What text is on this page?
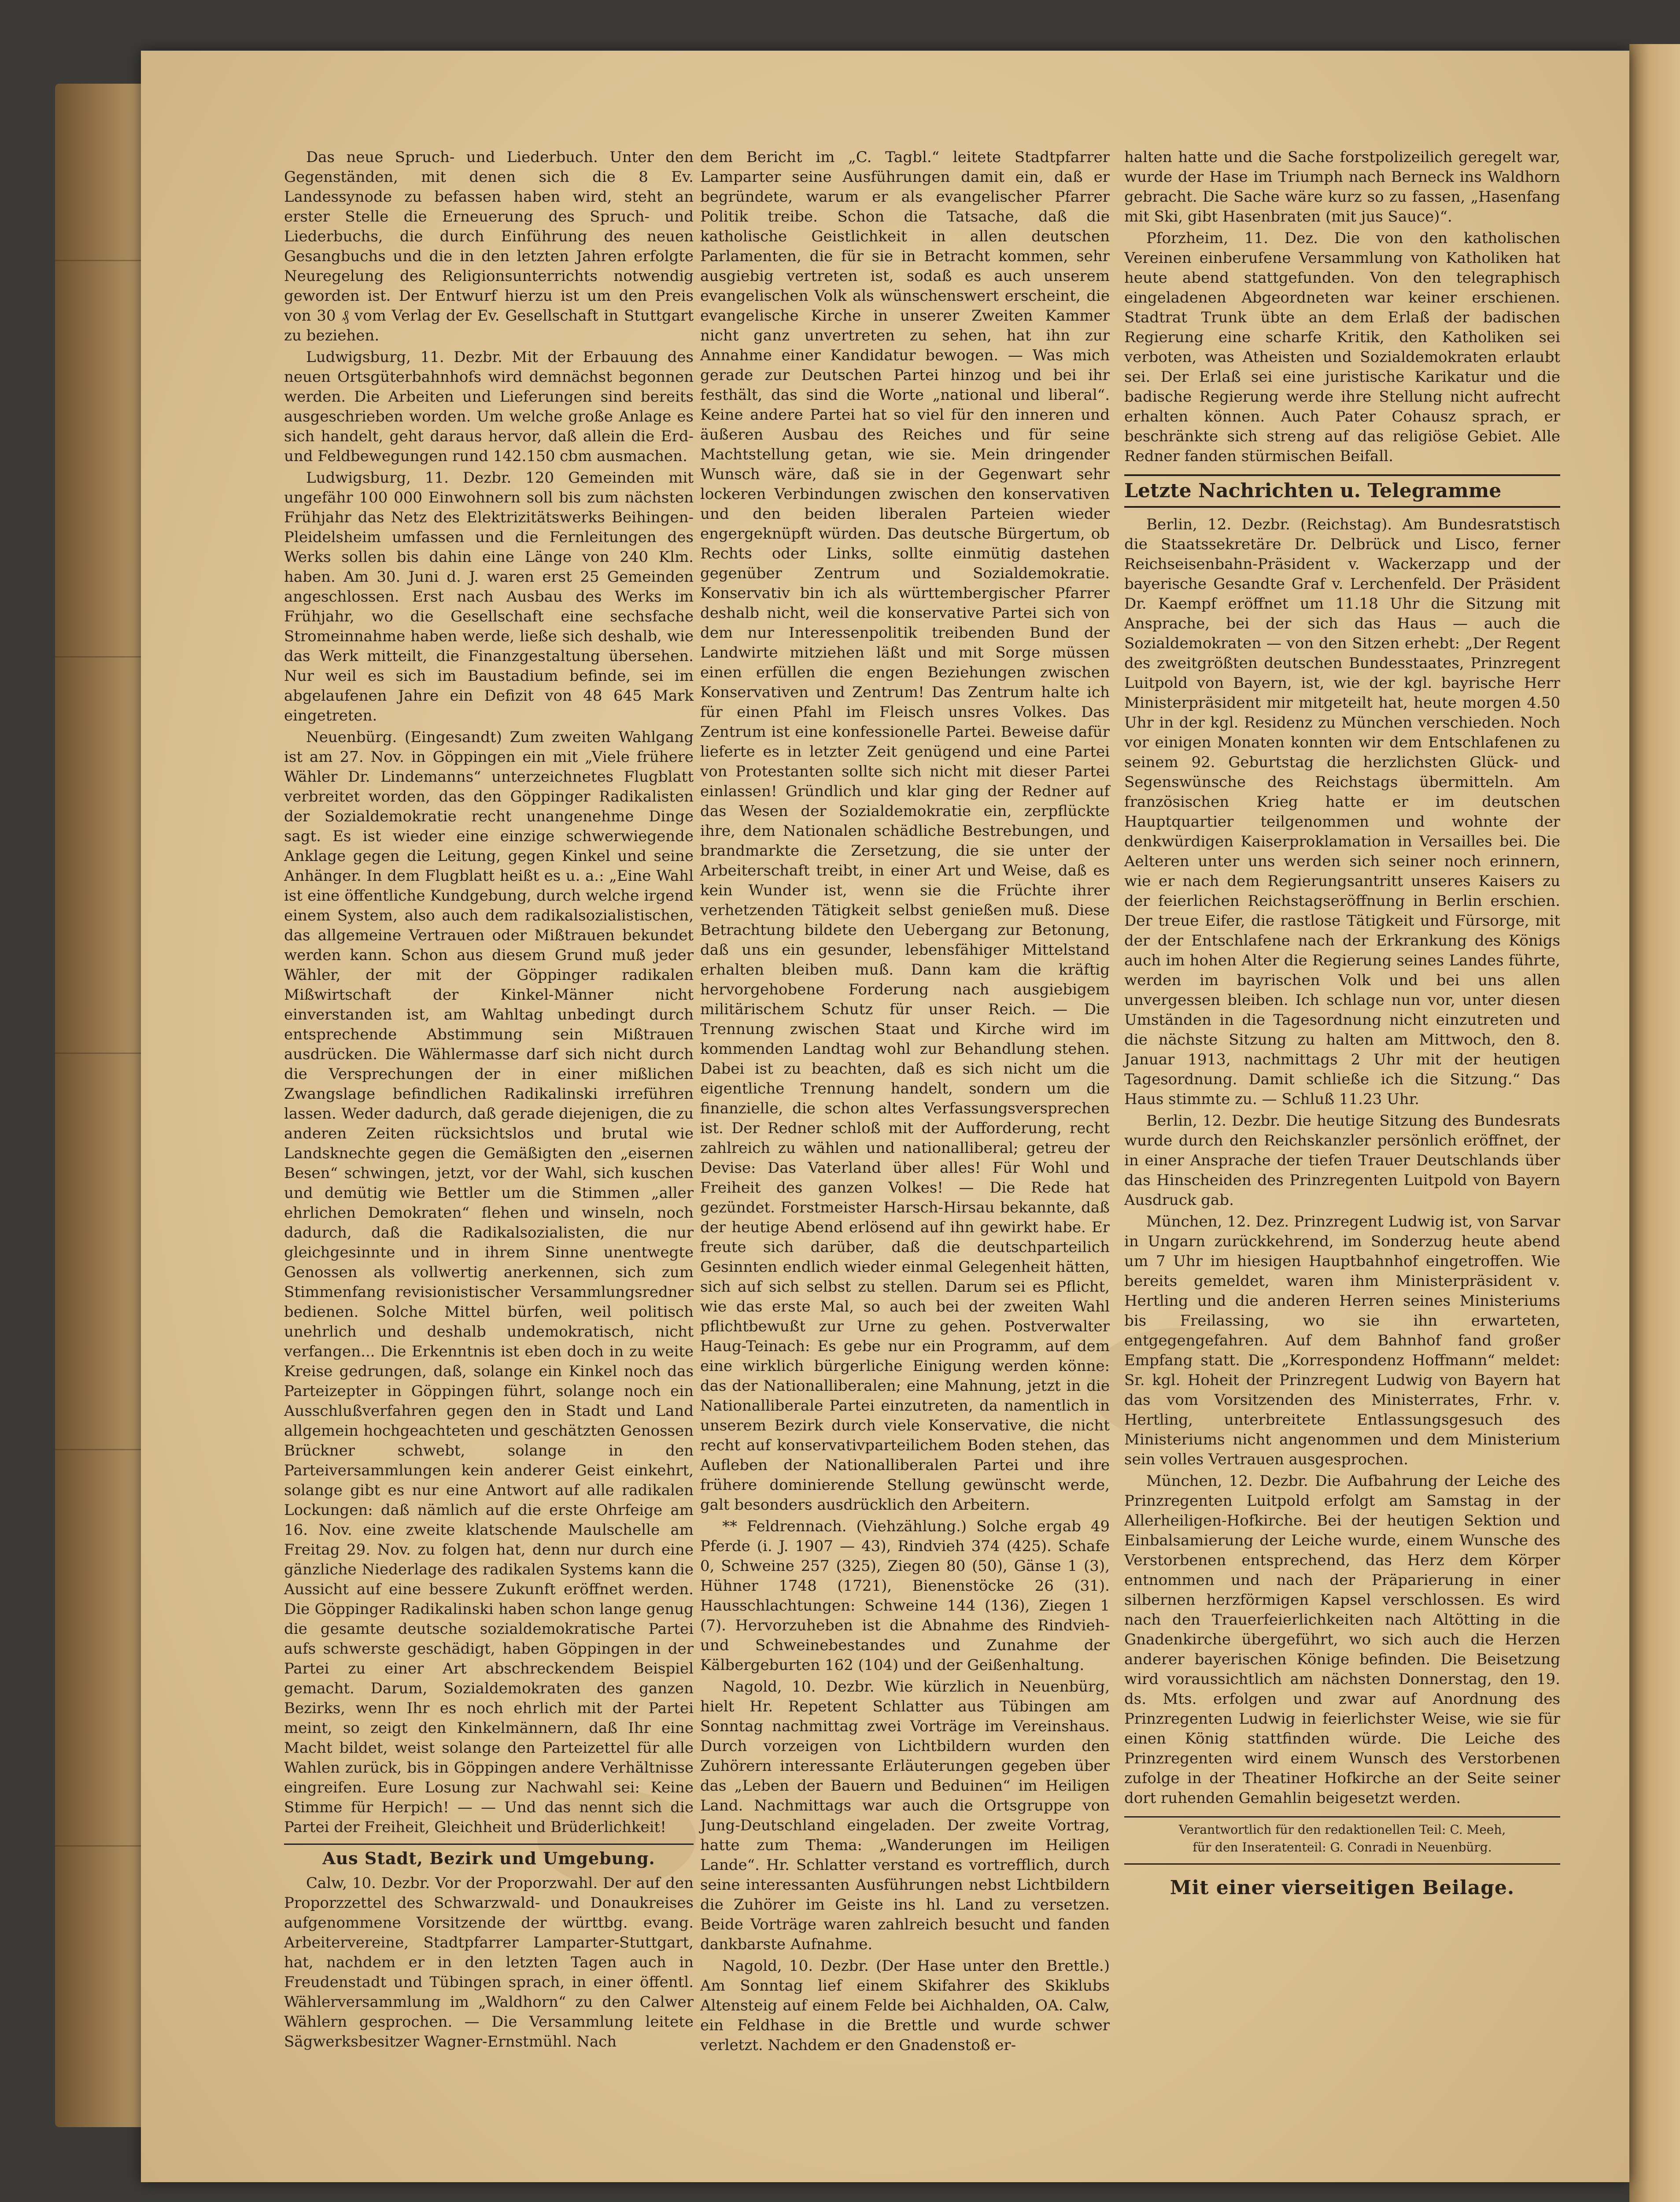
Das neue Spruch- und Liederbuch. Unter den Gegenständen, mit denen sich die 8 Ev. Landessynode zu befassen haben wird, steht an erster Stelle die Erneuerung des Spruch- und Liederbuchs, die durch Einführung des neuen Gesangbuchs und die in den letzten Jahren erfolgte Neuregelung des Religionsunterrichts notwendig geworden ist. Der Entwurf hierzu ist um den Preis von 30 ₰ vom Verlag der Ev. Gesellschaft in Stuttgart zu beziehen.

Ludwigsburg, 11. Dezbr. Mit der Erbauung des neuen Ortsgüterbahnhofs wird demnächst begonnen werden. Die Arbeiten und Lieferungen sind bereits ausgeschrieben worden. Um welche große Anlage es sich handelt, geht daraus hervor, daß allein die Erd- und Feldbewegungen rund 142.150 cbm ausmachen.

Ludwigsburg, 11. Dezbr. 120 Gemeinden mit ungefähr 100 000 Einwohnern soll bis zum nächsten Frühjahr das Netz des Elektrizitätswerks Beihingen-Pleidelsheim umfassen und die Fernleitungen des Werks sollen bis dahin eine Länge von 240 Klm. haben. Am 30. Juni d. J. waren erst 25 Gemeinden angeschlossen. Erst nach Ausbau des Werks im Frühjahr, wo die Gesellschaft eine sechsfache Stromeinnahme haben werde, ließe sich deshalb, wie das Werk mitteilt, die Finanzgestaltung übersehen. Nur weil es sich im Baustadium befinde, sei im abgelaufenen Jahre ein Defizit von 48 645 Mark eingetreten.

Neuenbürg. (Eingesandt) Zum zweiten Wahlgang ist am 27. Nov. in Göppingen ein mit „Viele frühere Wähler Dr. Lindemanns“ unterzeichnetes Flugblatt verbreitet worden, das den Göppinger Radikalisten der Sozialdemokratie recht unangenehme Dinge sagt. Es ist wieder eine einzige schwerwiegende Anklage gegen die Leitung, gegen Kinkel und seine Anhänger. In dem Flugblatt heißt es u. a.: „Eine Wahl ist eine öffentliche Kundgebung, durch welche irgend einem System, also auch dem radikalsozialistischen, das allgemeine Vertrauen oder Mißtrauen bekundet werden kann. Schon aus diesem Grund muß jeder Wähler, der mit der Göppinger radikalen Mißwirtschaft der Kinkel-Männer nicht einverstanden ist, am Wahltag unbedingt durch entsprechende Abstimmung sein Mißtrauen ausdrücken. Die Wählermasse darf sich nicht durch die Versprechungen der in einer mißlichen Zwangslage befindlichen Radikalinski irreführen lassen. Weder dadurch, daß gerade diejenigen, die zu anderen Zeiten rücksichtslos und brutal wie Landsknechte gegen die Gemäßigten den „eisernen Besen“ schwingen, jetzt, vor der Wahl, sich kuschen und demütig wie Bettler um die Stimmen „aller ehrlichen Demokraten“ flehen und winseln, noch dadurch, daß die Radikalsozialisten, die nur gleichgesinnte und in ihrem Sinne unentwegte Genossen als vollwertig anerkennen, sich zum Stimmenfang revisionistischer Versammlungsredner bedienen. Solche Mittel bürfen, weil politisch unehrlich und deshalb undemokratisch, nicht verfangen... Die Erkenntnis ist eben doch in zu weite Kreise gedrungen, daß, solange ein Kinkel noch das Parteizepter in Göppingen führt, solange noch ein Ausschlußverfahren gegen den in Stadt und Land allgemein hochgeachteten und geschätzten Genossen Brückner schwebt, solange in den Parteiversammlungen kein anderer Geist einkehrt, solange gibt es nur eine Antwort auf alle radikalen Lockungen: daß nämlich auf die erste Ohrfeige am 16. Nov. eine zweite klatschende Maulschelle am Freitag 29. Nov. zu folgen hat, denn nur durch eine gänzliche Niederlage des radikalen Systems kann die Aussicht auf eine bessere Zukunft eröffnet werden. Die Göppinger Radikalinski haben schon lange genug die gesamte deutsche sozialdemokratische Partei aufs schwerste geschädigt, haben Göppingen in der Partei zu einer Art abschreckendem Beispiel gemacht. Darum, Sozialdemokraten des ganzen Bezirks, wenn Ihr es noch ehrlich mit der Partei meint, so zeigt den Kinkelmännern, daß Ihr eine Macht bildet, weist solange den Parteizettel für alle Wahlen zurück, bis in Göppingen andere Verhältnisse eingreifen. Eure Losung zur Nachwahl sei: Keine Stimme für Herpich! — — Und das nennt sich die Partei der Freiheit, Gleichheit und Brüderlichkeit!

Aus Stadt, Bezirk und Umgebung.

Calw, 10. Dezbr. Vor der Proporzwahl. Der auf den Proporzzettel des Schwarzwald- und Donaukreises aufgenommene Vorsitzende der württbg. evang. Arbeitervereine, Stadtpfarrer Lamparter-Stuttgart, hat, nachdem er in den letzten Tagen auch in Freudenstadt und Tübingen sprach, in einer öffentl. Wählerversammlung im „Waldhorn“ zu den Calwer Wählern gesprochen. — Die Versammlung leitete Sägwerksbesitzer Wagner-Ernstmühl. Nach

dem Bericht im „C. Tagbl.“ leitete Stadtpfarrer Lamparter seine Ausführungen damit ein, daß er begründete, warum er als evangelischer Pfarrer Politik treibe. Schon die Tatsache, daß die katholische Geistlichkeit in allen deutschen Parlamenten, die für sie in Betracht kommen, sehr ausgiebig vertreten ist, sodaß es auch unserem evangelischen Volk als wünschenswert erscheint, die evangelische Kirche in unserer Zweiten Kammer nicht ganz unvertreten zu sehen, hat ihn zur Annahme einer Kandidatur bewogen. — Was mich gerade zur Deutschen Partei hinzog und bei ihr festhält, das sind die Worte „national und liberal“. Keine andere Partei hat so viel für den inneren und äußeren Ausbau des Reiches und für seine Machtstellung getan, wie sie. Mein dringender Wunsch wäre, daß sie in der Gegenwart sehr lockeren Verbindungen zwischen den konservativen und den beiden liberalen Parteien wieder engergeknüpft würden. Das deutsche Bürgertum, ob Rechts oder Links, sollte einmütig dastehen gegenüber Zentrum und Sozialdemokratie. Konservativ bin ich als württembergischer Pfarrer deshalb nicht, weil die konservative Partei sich von dem nur Interessenpolitik treibenden Bund der Landwirte mitziehen läßt und mit Sorge müssen einen erfüllen die engen Beziehungen zwischen Konservativen und Zentrum! Das Zentrum halte ich für einen Pfahl im Fleisch unsres Volkes. Das Zentrum ist eine konfessionelle Partei. Beweise dafür lieferte es in letzter Zeit genügend und eine Partei von Protestanten sollte sich nicht mit dieser Partei einlassen! Gründlich und klar ging der Redner auf das Wesen der Sozialdemokratie ein, zerpflückte ihre, dem Nationalen schädliche Bestrebungen, und brandmarkte die Zersetzung, die sie unter der Arbeiterschaft treibt, in einer Art und Weise, daß es kein Wunder ist, wenn sie die Früchte ihrer verhetzenden Tätigkeit selbst genießen muß. Diese Betrachtung bildete den Uebergang zur Betonung, daß uns ein gesunder, lebensfähiger Mittelstand erhalten bleiben muß. Dann kam die kräftig hervorgehobene Forderung nach ausgiebigem militärischem Schutz für unser Reich. — Die Trennung zwischen Staat und Kirche wird im kommenden Landtag wohl zur Behandlung stehen. Dabei ist zu beachten, daß es sich nicht um die eigentliche Trennung handelt, sondern um die finanzielle, die schon altes Verfassungsversprechen ist. Der Redner schloß mit der Aufforderung, recht zahlreich zu wählen und nationalliberal; getreu der Devise: Das Vaterland über alles! Für Wohl und Freiheit des ganzen Volkes! — Die Rede hat gezündet. Forstmeister Harsch-Hirsau bekannte, daß der heutige Abend erlösend auf ihn gewirkt habe. Er freute sich darüber, daß die deutschparteilich Gesinnten endlich wieder einmal Gelegenheit hätten, sich auf sich selbst zu stellen. Darum sei es Pflicht, wie das erste Mal, so auch bei der zweiten Wahl pflichtbewußt zur Urne zu gehen. Postverwalter Haug-Teinach: Es gebe nur ein Programm, auf dem eine wirklich bürgerliche Einigung werden könne: das der Nationalliberalen; eine Mahnung, jetzt in die Nationalliberale Partei einzutreten, da namentlich in unserem Bezirk durch viele Konservative, die nicht recht auf konservativparteilichem Boden stehen, das Aufleben der Nationalliberalen Partei und ihre frühere dominierende Stellung gewünscht werde, galt besonders ausdrücklich den Arbeitern.

** Feldrennach. (Viehzählung.) Solche ergab 49 Pferde (i. J. 1907 — 43), Rindvieh 374 (425). Schafe 0, Schweine 257 (325), Ziegen 80 (50), Gänse 1 (3), Hühner 1748 (1721), Bienenstöcke 26 (31). Hausschlachtungen: Schweine 144 (136), Ziegen 1 (7). Hervorzuheben ist die Abnahme des Rindvieh- und Schweinebestandes und Zunahme der Kälbergeburten 162 (104) und der Geißenhaltung.

Nagold, 10. Dezbr. Wie kürzlich in Neuenbürg, hielt Hr. Repetent Schlatter aus Tübingen am Sonntag nachmittag zwei Vorträge im Vereinshaus. Durch vorzeigen von Lichtbildern wurden den Zuhörern interessante Erläuterungen gegeben über das „Leben der Bauern und Beduinen“ im Heiligen Land. Nachmittags war auch die Ortsgruppe von Jung-Deutschland eingeladen. Der zweite Vortrag, hatte zum Thema: „Wanderungen im Heiligen Lande“. Hr. Schlatter verstand es vortrefflich, durch seine interessanten Ausführungen nebst Lichtbildern die Zuhörer im Geiste ins hl. Land zu versetzen. Beide Vorträge waren zahlreich besucht und fanden dankbarste Aufnahme.

Nagold, 10. Dezbr. (Der Hase unter den Brettle.) Am Sonntag lief einem Skifahrer des Skiklubs Altensteig auf einem Felde bei Aichhalden, OA. Calw, ein Feldhase in die Brettle und wurde schwer verletzt. Nachdem er den Gnadenstoß er-

halten hatte und die Sache forstpolizeilich geregelt war, wurde der Hase im Triumph nach Berneck ins Waldhorn gebracht. Die Sache wäre kurz so zu fassen, „Hasenfang mit Ski, gibt Hasenbraten (mit jus Sauce)“.

Pforzheim, 11. Dez. Die von den katholischen Vereinen einberufene Versammlung von Katholiken hat heute abend stattgefunden. Von den telegraphisch eingeladenen Abgeordneten war keiner erschienen. Stadtrat Trunk übte an dem Erlaß der badischen Regierung eine scharfe Kritik, den Katholiken sei verboten, was Atheisten und Sozialdemokraten erlaubt sei. Der Erlaß sei eine juristische Karikatur und die badische Regierung werde ihre Stellung nicht aufrecht erhalten können. Auch Pater Cohausz sprach, er beschränkte sich streng auf das religiöse Gebiet. Alle Redner fanden stürmischen Beifall.

Letzte Nachrichten u. Telegramme

Berlin, 12. Dezbr. (Reichstag). Am Bundesratstisch die Staatssekretäre Dr. Delbrück und Lisco, ferner Reichseisenbahn-Präsident v. Wackerzapp und der bayerische Gesandte Graf v. Lerchenfeld. Der Präsident Dr. Kaempf eröffnet um 11.18 Uhr die Sitzung mit Ansprache, bei der sich das Haus — auch die Sozialdemokraten — von den Sitzen erhebt: „Der Regent des zweitgrößten deutschen Bundesstaates, Prinzregent Luitpold von Bayern, ist, wie der kgl. bayrische Herr Ministerpräsident mir mitgeteilt hat, heute morgen 4.50 Uhr in der kgl. Residenz zu München verschieden. Noch vor einigen Monaten konnten wir dem Entschlafenen zu seinem 92. Geburtstag die herzlichsten Glück- und Segenswünsche des Reichstags übermitteln. Am französischen Krieg hatte er im deutschen Hauptquartier teilgenommen und wohnte der denkwürdigen Kaiserproklamation in Versailles bei. Die Aelteren unter uns werden sich seiner noch erinnern, wie er nach dem Regierungsantritt unseres Kaisers zu der feierlichen Reichstagseröffnung in Berlin erschien. Der treue Eifer, die rastlose Tätigkeit und Fürsorge, mit der der Entschlafene nach der Erkrankung des Königs auch im hohen Alter die Regierung seines Landes führte, werden im bayrischen Volk und bei uns allen unvergessen bleiben. Ich schlage nun vor, unter diesen Umständen in die Tagesordnung nicht einzutreten und die nächste Sitzung zu halten am Mittwoch, den 8. Januar 1913, nachmittags 2 Uhr mit der heutigen Tagesordnung. Damit schließe ich die Sitzung.“ Das Haus stimmte zu. — Schluß 11.23 Uhr.

Berlin, 12. Dezbr. Die heutige Sitzung des Bundesrats wurde durch den Reichskanzler persönlich eröffnet, der in einer Ansprache der tiefen Trauer Deutschlands über das Hinscheiden des Prinzregenten Luitpold von Bayern Ausdruck gab.

München, 12. Dez. Prinzregent Ludwig ist, von Sarvar in Ungarn zurückkehrend, im Sonderzug heute abend um 7 Uhr im hiesigen Hauptbahnhof eingetroffen. Wie bereits gemeldet, waren ihm Ministerpräsident v. Hertling und die anderen Herren seines Ministeriums bis Freilassing, wo sie ihn erwarteten, entgegengefahren. Auf dem Bahnhof fand großer Empfang statt. Die „Korrespondenz Hoffmann“ meldet: Sr. kgl. Hoheit der Prinzregent Ludwig von Bayern hat das vom Vorsitzenden des Ministerrates, Frhr. v. Hertling, unterbreitete Entlassungsgesuch des Ministeriums nicht angenommen und dem Ministerium sein volles Vertrauen ausgesprochen.

München, 12. Dezbr. Die Aufbahrung der Leiche des Prinzregenten Luitpold erfolgt am Samstag in der Allerheiligen-Hofkirche. Bei der heutigen Sektion und Einbalsamierung der Leiche wurde, einem Wunsche des Verstorbenen entsprechend, das Herz dem Körper entnommen und nach der Präparierung in einer silbernen herzförmigen Kapsel verschlossen. Es wird nach den Trauerfeierlichkeiten nach Altötting in die Gnadenkirche übergeführt, wo sich auch die Herzen anderer bayerischen Könige befinden. Die Beisetzung wird voraussichtlich am nächsten Donnerstag, den 19. ds. Mts. erfolgen und zwar auf Anordnung des Prinzregenten Ludwig in feierlichster Weise, wie sie für einen König stattfinden würde. Die Leiche des Prinzregenten wird einem Wunsch des Verstorbenen zufolge in der Theatiner Hofkirche an der Seite seiner dort ruhenden Gemahlin beigesetzt werden.

Verantwortlich für den redaktionellen Teil: C. Meeh,

für den Inseratenteil: G. Conradi in Neuenbürg.

Mit einer vierseitigen Beilage.
